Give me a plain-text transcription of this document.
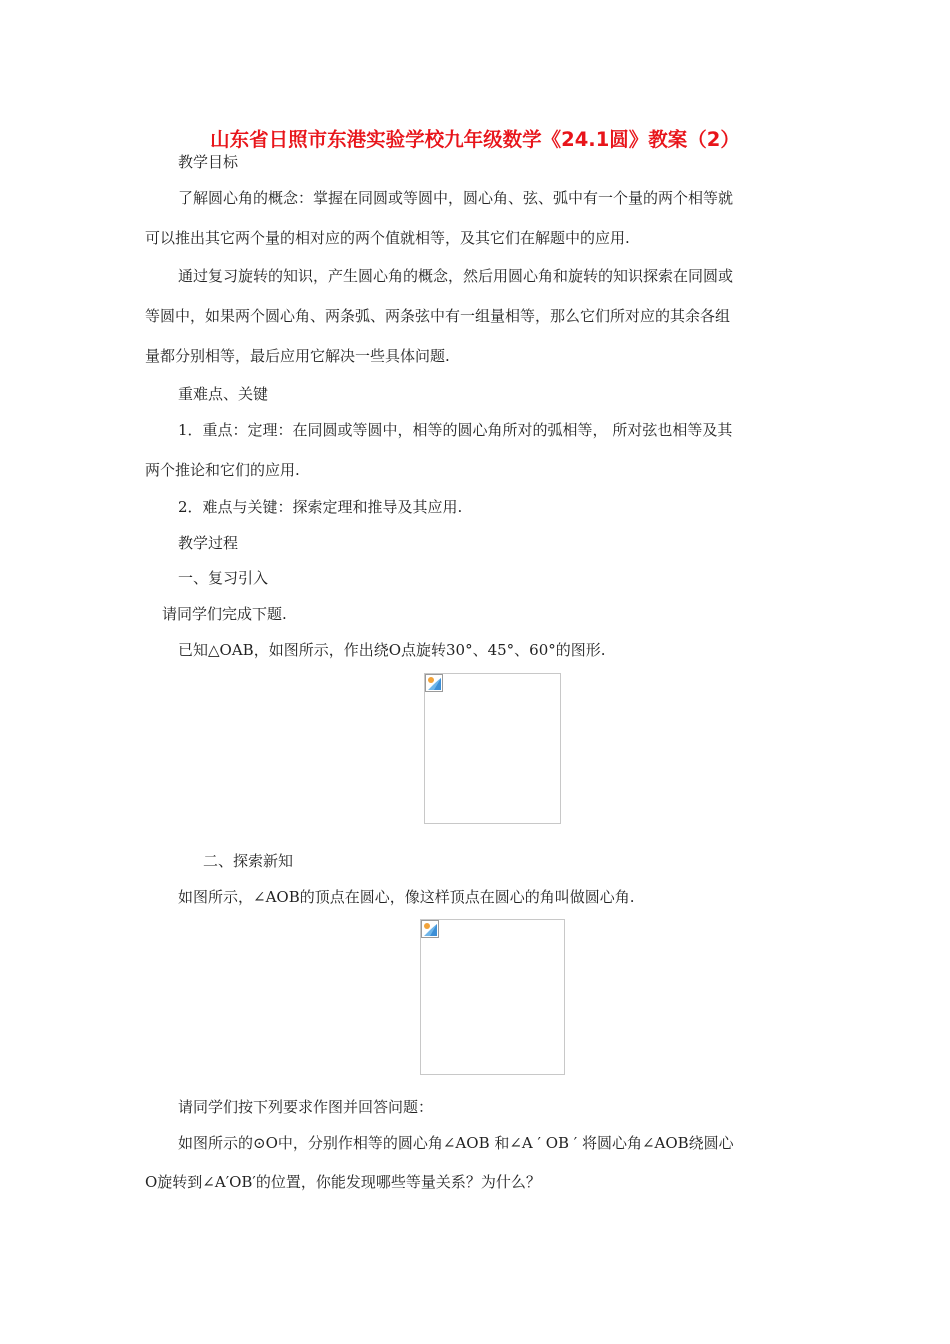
山东省日照市东港实验学校九年级数学《24.1圆》教案（2）
教学目标
了解圆心角的概念：掌握在同圆或等圆中，圆心角、弦、弧中有一个量的两个相等就
可以推出其它两个量的相对应的两个值就相等，及其它们在解题中的应用.
通过复习旋转的知识，产生圆心角的概念，然后用圆心角和旋转的知识探索在同圆或
等圆中，如果两个圆心角、两条弧、两条弦中有一组量相等，那么它们所对应的其余各组
量都分别相等，最后应用它解决一些具体问题.
重难点、关键
1．重点：定理：在同圆或等圆中，相等的圆心角所对的弧相等， 所对弦也相等及其
两个推论和它们的应用.
2．难点与关键：探索定理和推导及其应用.
教学过程
一、复习引入
请同学们完成下题.
已知△OAB，如图所示，作出绕O点旋转30°、45°、60°的图形.
二、探索新知
如图所示，∠AOB的顶点在圆心，像这样顶点在圆心的角叫做圆心角.
请同学们按下列要求作图并回答问题：
如图所示的⊙O中，分别作相等的圆心角∠AOB 和∠A ′ OB ′ 将圆心角∠AOB绕圆心
O旋转到∠A′OB′的位置，你能发现哪些等量关系？为什么？
